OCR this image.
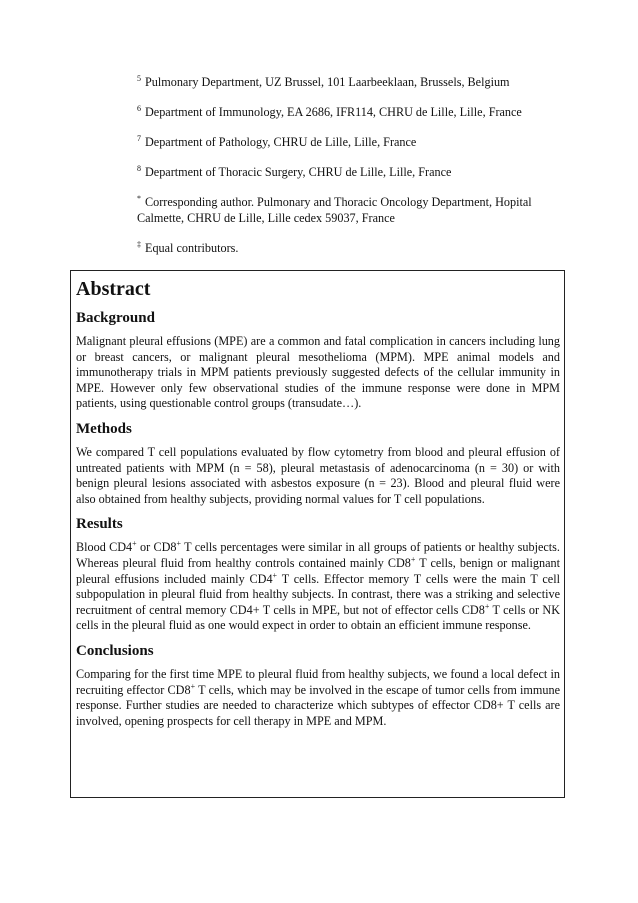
$^5$ Pulmonary Department, UZ Brussel, 101 Laarbeeklaan, Brussels, Belgium
$^6$ Department of Immunology, EA 2686, IFR114, CHRU de Lille, Lille, France
$^7$ Department of Pathology, CHRU de Lille, Lille, France
$^8$ Department of Thoracic Surgery, CHRU de Lille, Lille, France
* Corresponding author. Pulmonary and Thoracic Oncology Department, Hopital Calmette, CHRU de Lille, Lille cedex 59037, France
‡ Equal contributors.
Abstract
Background
Malignant pleural effusions (MPE) are a common and fatal complication in cancers including lung or breast cancers, or malignant pleural mesothelioma (MPM). MPE animal models and immunotherapy trials in MPM patients previously suggested defects of the cellular immunity in MPE. However only few observational studies of the immune response were done in MPM patients, using questionable control groups (transudate…).
Methods
We compared T cell populations evaluated by flow cytometry from blood and pleural effusion of untreated patients with MPM (n = 58), pleural metastasis of adenocarcinoma (n = 30) or with benign pleural lesions associated with asbestos exposure (n = 23). Blood and pleural fluid were also obtained from healthy subjects, providing normal values for T cell populations.
Results
Blood CD4+ or CD8+ T cells percentages were similar in all groups of patients or healthy subjects. Whereas pleural fluid from healthy controls contained mainly CD8+ T cells, benign or malignant pleural effusions included mainly CD4+ T cells. Effector memory T cells were the main T cell subpopulation in pleural fluid from healthy subjects. In contrast, there was a striking and selective recruitment of central memory CD4+ T cells in MPE, but not of effector cells CD8+ T cells or NK cells in the pleural fluid as one would expect in order to obtain an efficient immune response.
Conclusions
Comparing for the first time MPE to pleural fluid from healthy subjects, we found a local defect in recruiting effector CD8+ T cells, which may be involved in the escape of tumor cells from immune response. Further studies are needed to characterize which subtypes of effector CD8+ T cells are involved, opening prospects for cell therapy in MPE and MPM.
